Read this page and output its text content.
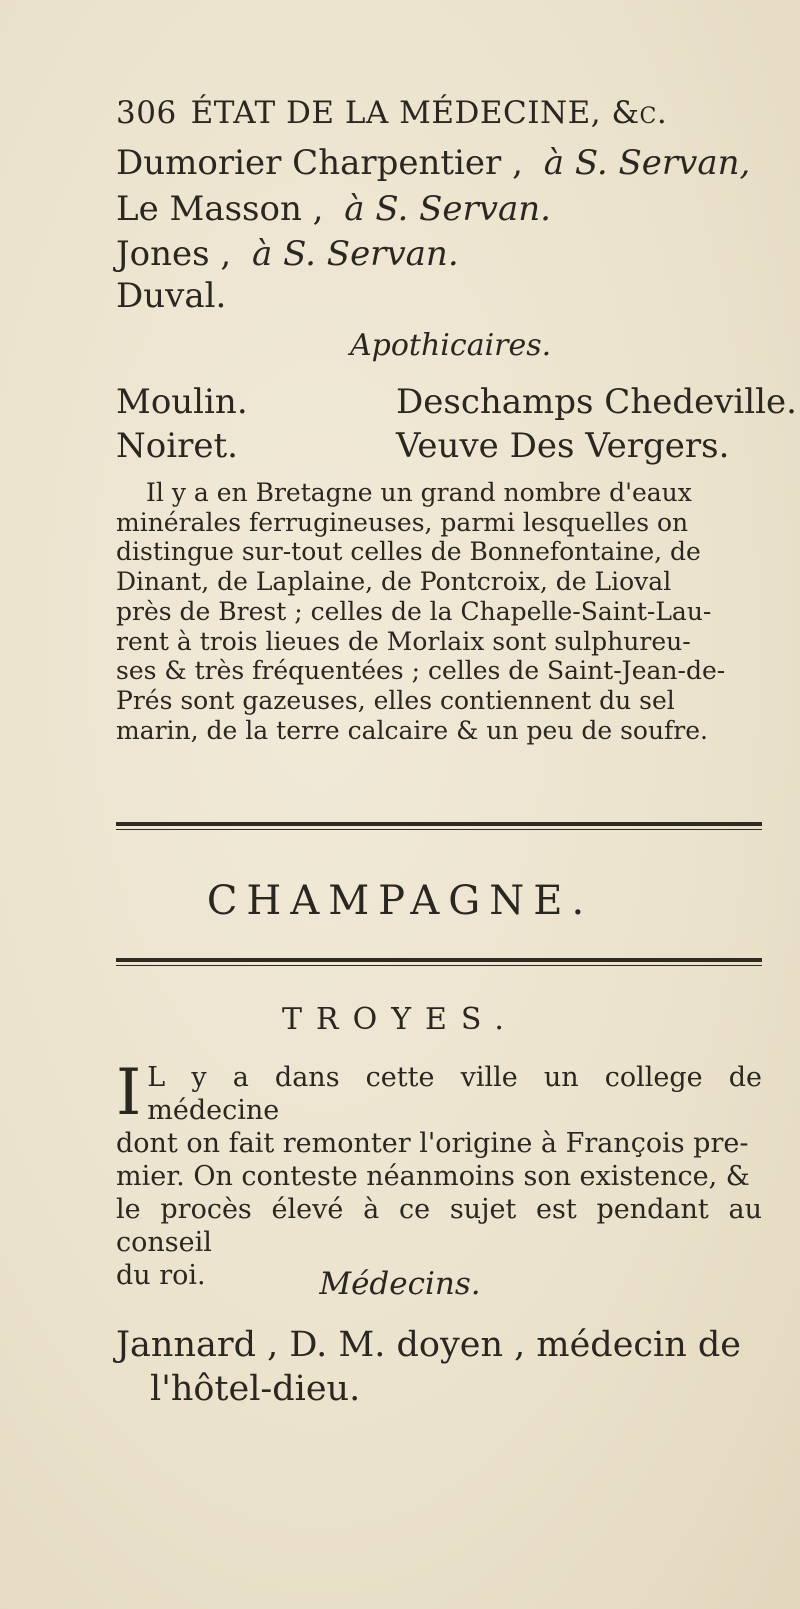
306 ÉTAT DE LA MÉDECINE, &c.
Dumorier Charpentier , à S. Servan,
Le Masson , à S. Servan.
Jones , à S. Servan.
Duval.
Apothicaires.
Moulin.
Noiret.
Deschamps Chedeville.
Veuve Des Vergers.
Il y a en Bretagne un grand nombre d'eaux
minérales ferrugineuses, parmi lesquelles on
distingue sur-tout celles de Bonnefontaine, de
Dinant, de Laplaine, de Pontcroix, de Lioval
près de Brest ; celles de la Chapelle-Saint-Lau-
rent à trois lieues de Morlaix sont sulphureu-
ses & très fréquentées ; celles de Saint-Jean-de-
Prés sont gazeuses, elles contiennent du sel
marin, de la terre calcaire & un peu de soufre.
CHAMPAGNE.
TROYES.
I L y a dans cette ville un college de médecine
dont on fait remonter l'origine à François pre-
mier. On conteste néanmoins son existence, &
le procès élevé à ce sujet est pendant au conseil
du roi.	Médecins.
Jannard , D. M. doyen , médecin de
l'hôtel-dieu.
